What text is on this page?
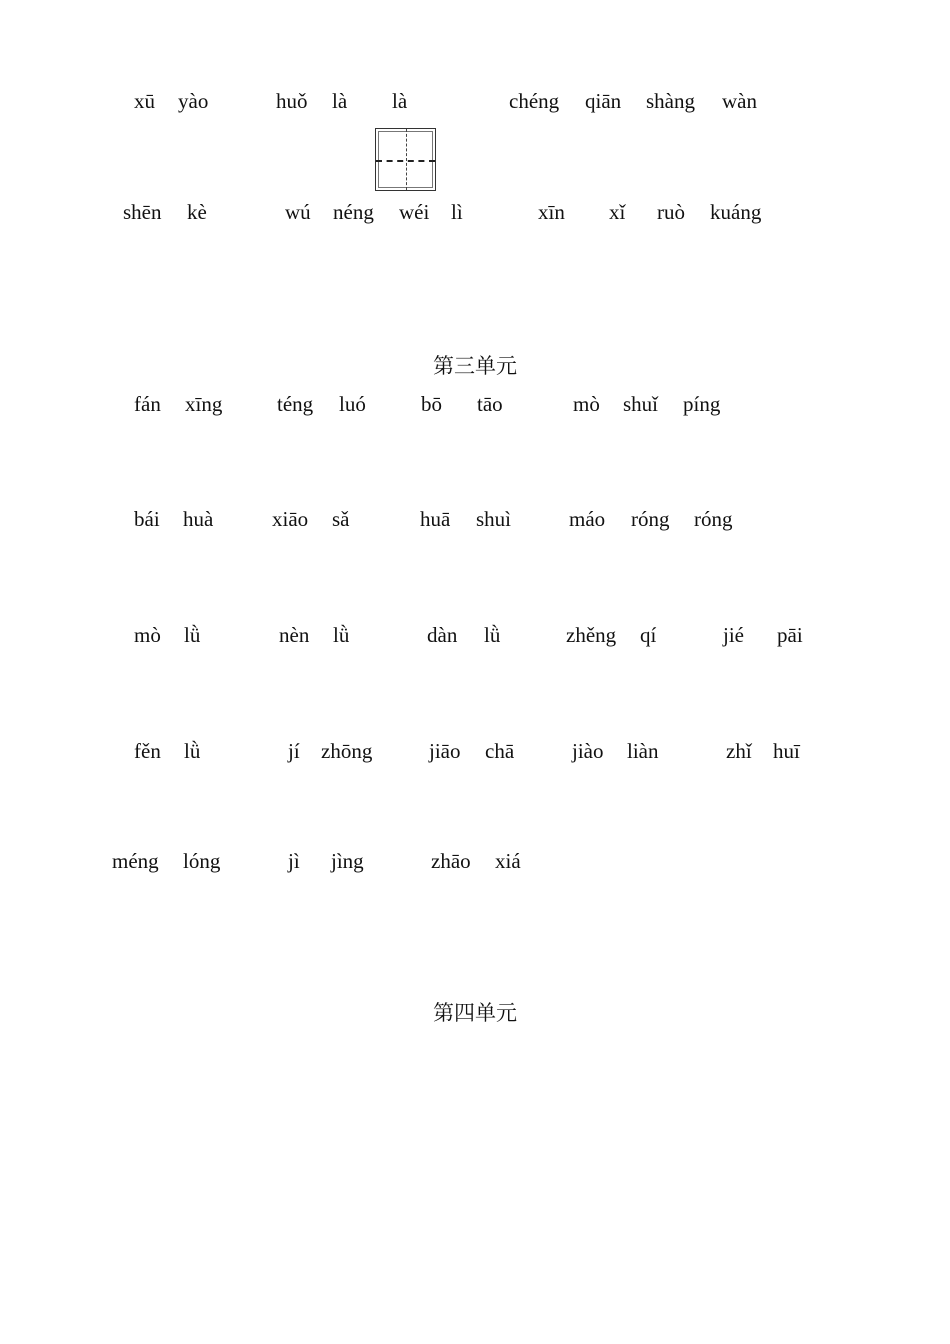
xū yào	huǒ là là	chéng qiān shàng wàn
shēn kè	wú néng wéi lì	xīn xǐ ruò kuáng
第三单元
fán xīng	téng luó	bō tāo	mò shuǐ píng
bái huà	xiāo sǎ	huā shuì	máo róng róng
mò lǜ	nèn lǜ	dàn lǜ	zhěng qí	jié pāi
fěn lǜ	jí zhōng	jiāo chā	jiào liàn	zhǐ huī
méng lóng	jì jìng	zhāo xiá
第四单元
